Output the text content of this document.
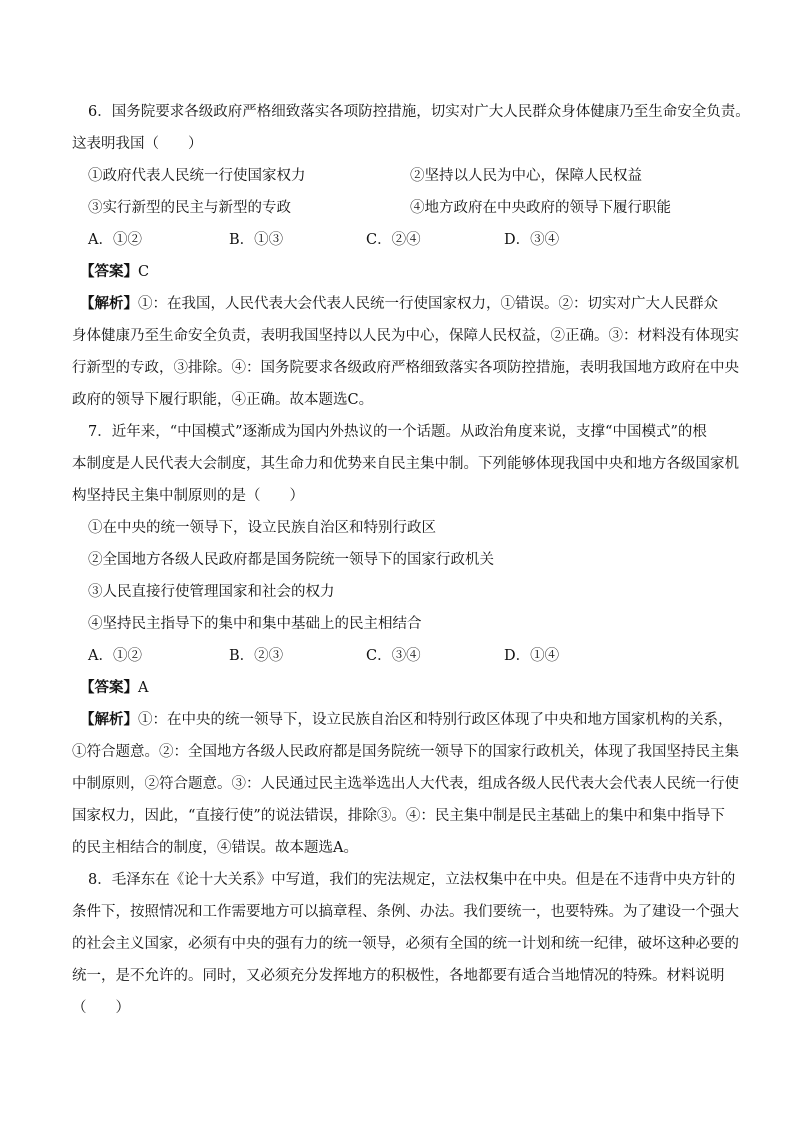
6．国务院要求各级政府严格细致落实各项防控措施，切实对广大人民群众身体健康乃至生命安全负责。
这表明我国（　　）
①政府代表人民统一行使国家权力	②坚持以人民为中心，保障人民权益
③实行新型的民主与新型的专政	④地方政府在中央政府的领导下履行职能
A．①②	B．①③	C．②④	D．③④
【答案】C
【解析】①：在我国，人民代表大会代表人民统一行使国家权力，①错误。②：切实对广大人民群众
身体健康乃至生命安全负责，表明我国坚持以人民为中心，保障人民权益，②正确。③：材料没有体现实
行新型的专政，③排除。④：国务院要求各级政府严格细致落实各项防控措施，表明我国地方政府在中央
政府的领导下履行职能，④正确。故本题选C。
7．近年来，“中国模式”逐渐成为国内外热议的一个话题。从政治角度来说，支撑“中国模式”的根
本制度是人民代表大会制度，其生命力和优势来自民主集中制。下列能够体现我国中央和地方各级国家机
构坚持民主集中制原则的是（　　）
①在中央的统一领导下，设立民族自治区和特别行政区
②全国地方各级人民政府都是国务院统一领导下的国家行政机关
③人民直接行使管理国家和社会的权力
④坚持民主指导下的集中和集中基础上的民主相结合
A．①②	B．②③	C．③④	D．①④
【答案】A
【解析】①：在中央的统一领导下，设立民族自治区和特别行政区体现了中央和地方国家机构的关系，
①符合题意。②：全国地方各级人民政府都是国务院统一领导下的国家行政机关，体现了我国坚持民主集
中制原则，②符合题意。③：人民通过民主选举选出人大代表，组成各级人民代表大会代表人民统一行使
国家权力，因此，“直接行使”的说法错误，排除③。④：民主集中制是民主基础上的集中和集中指导下
的民主相结合的制度，④错误。故本题选A。
8．毛泽东在《论十大关系》中写道，我们的宪法规定，立法权集中在中央。但是在不违背中央方针的
条件下，按照情况和工作需要地方可以搞章程、条例、办法。我们要统一，也要特殊。为了建设一个强大
的社会主义国家，必须有中央的强有力的统一领导，必须有全国的统一计划和统一纪律，破坏这种必要的
统一，是不允许的。同时，又必须充分发挥地方的积极性，各地都要有适合当地情况的特殊。材料说明
（　　）
